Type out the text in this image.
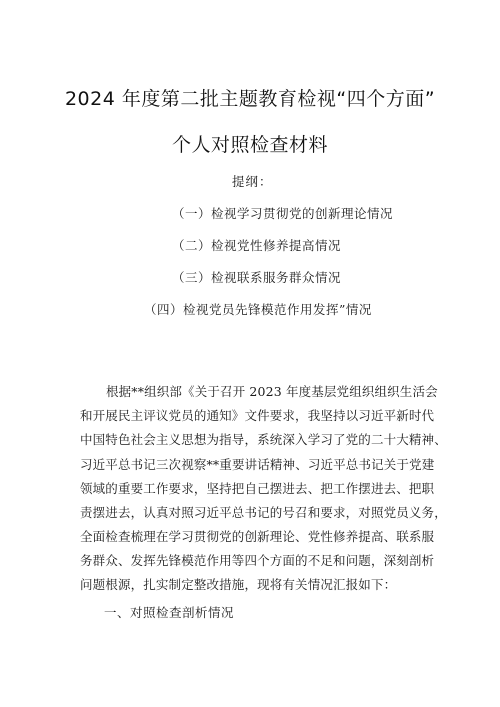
2024 年度第二批主题教育检视“四个方面”
个人对照检查材料
提纲：
（一）检视学习贯彻党的创新理论情况
（二）检视党性修养提高情况
（三）检视联系服务群众情况
（四）检视党员先锋模范作用发挥”情况
根据**组织部《关于召开 2023 年度基层党组织组织生活会
和开展民主评议党员的通知》文件要求，我坚持以习近平新时代
中国特色社会主义思想为指导，系统深入学习了党的二十大精神、
习近平总书记三次视察**重要讲话精神、习近平总书记关于党建
领域的重要工作要求，坚持把自己摆进去、把工作摆进去、把职
责摆进去，认真对照习近平总书记的号召和要求，对照党员义务，
全面检查梳理在学习贯彻党的创新理论、党性修养提高、联系服
务群众、发挥先锋模范作用等四个方面的不足和问题，深刻剖析
问题根源，扎实制定整改措施，现将有关情况汇报如下：
一、对照检查剖析情况
